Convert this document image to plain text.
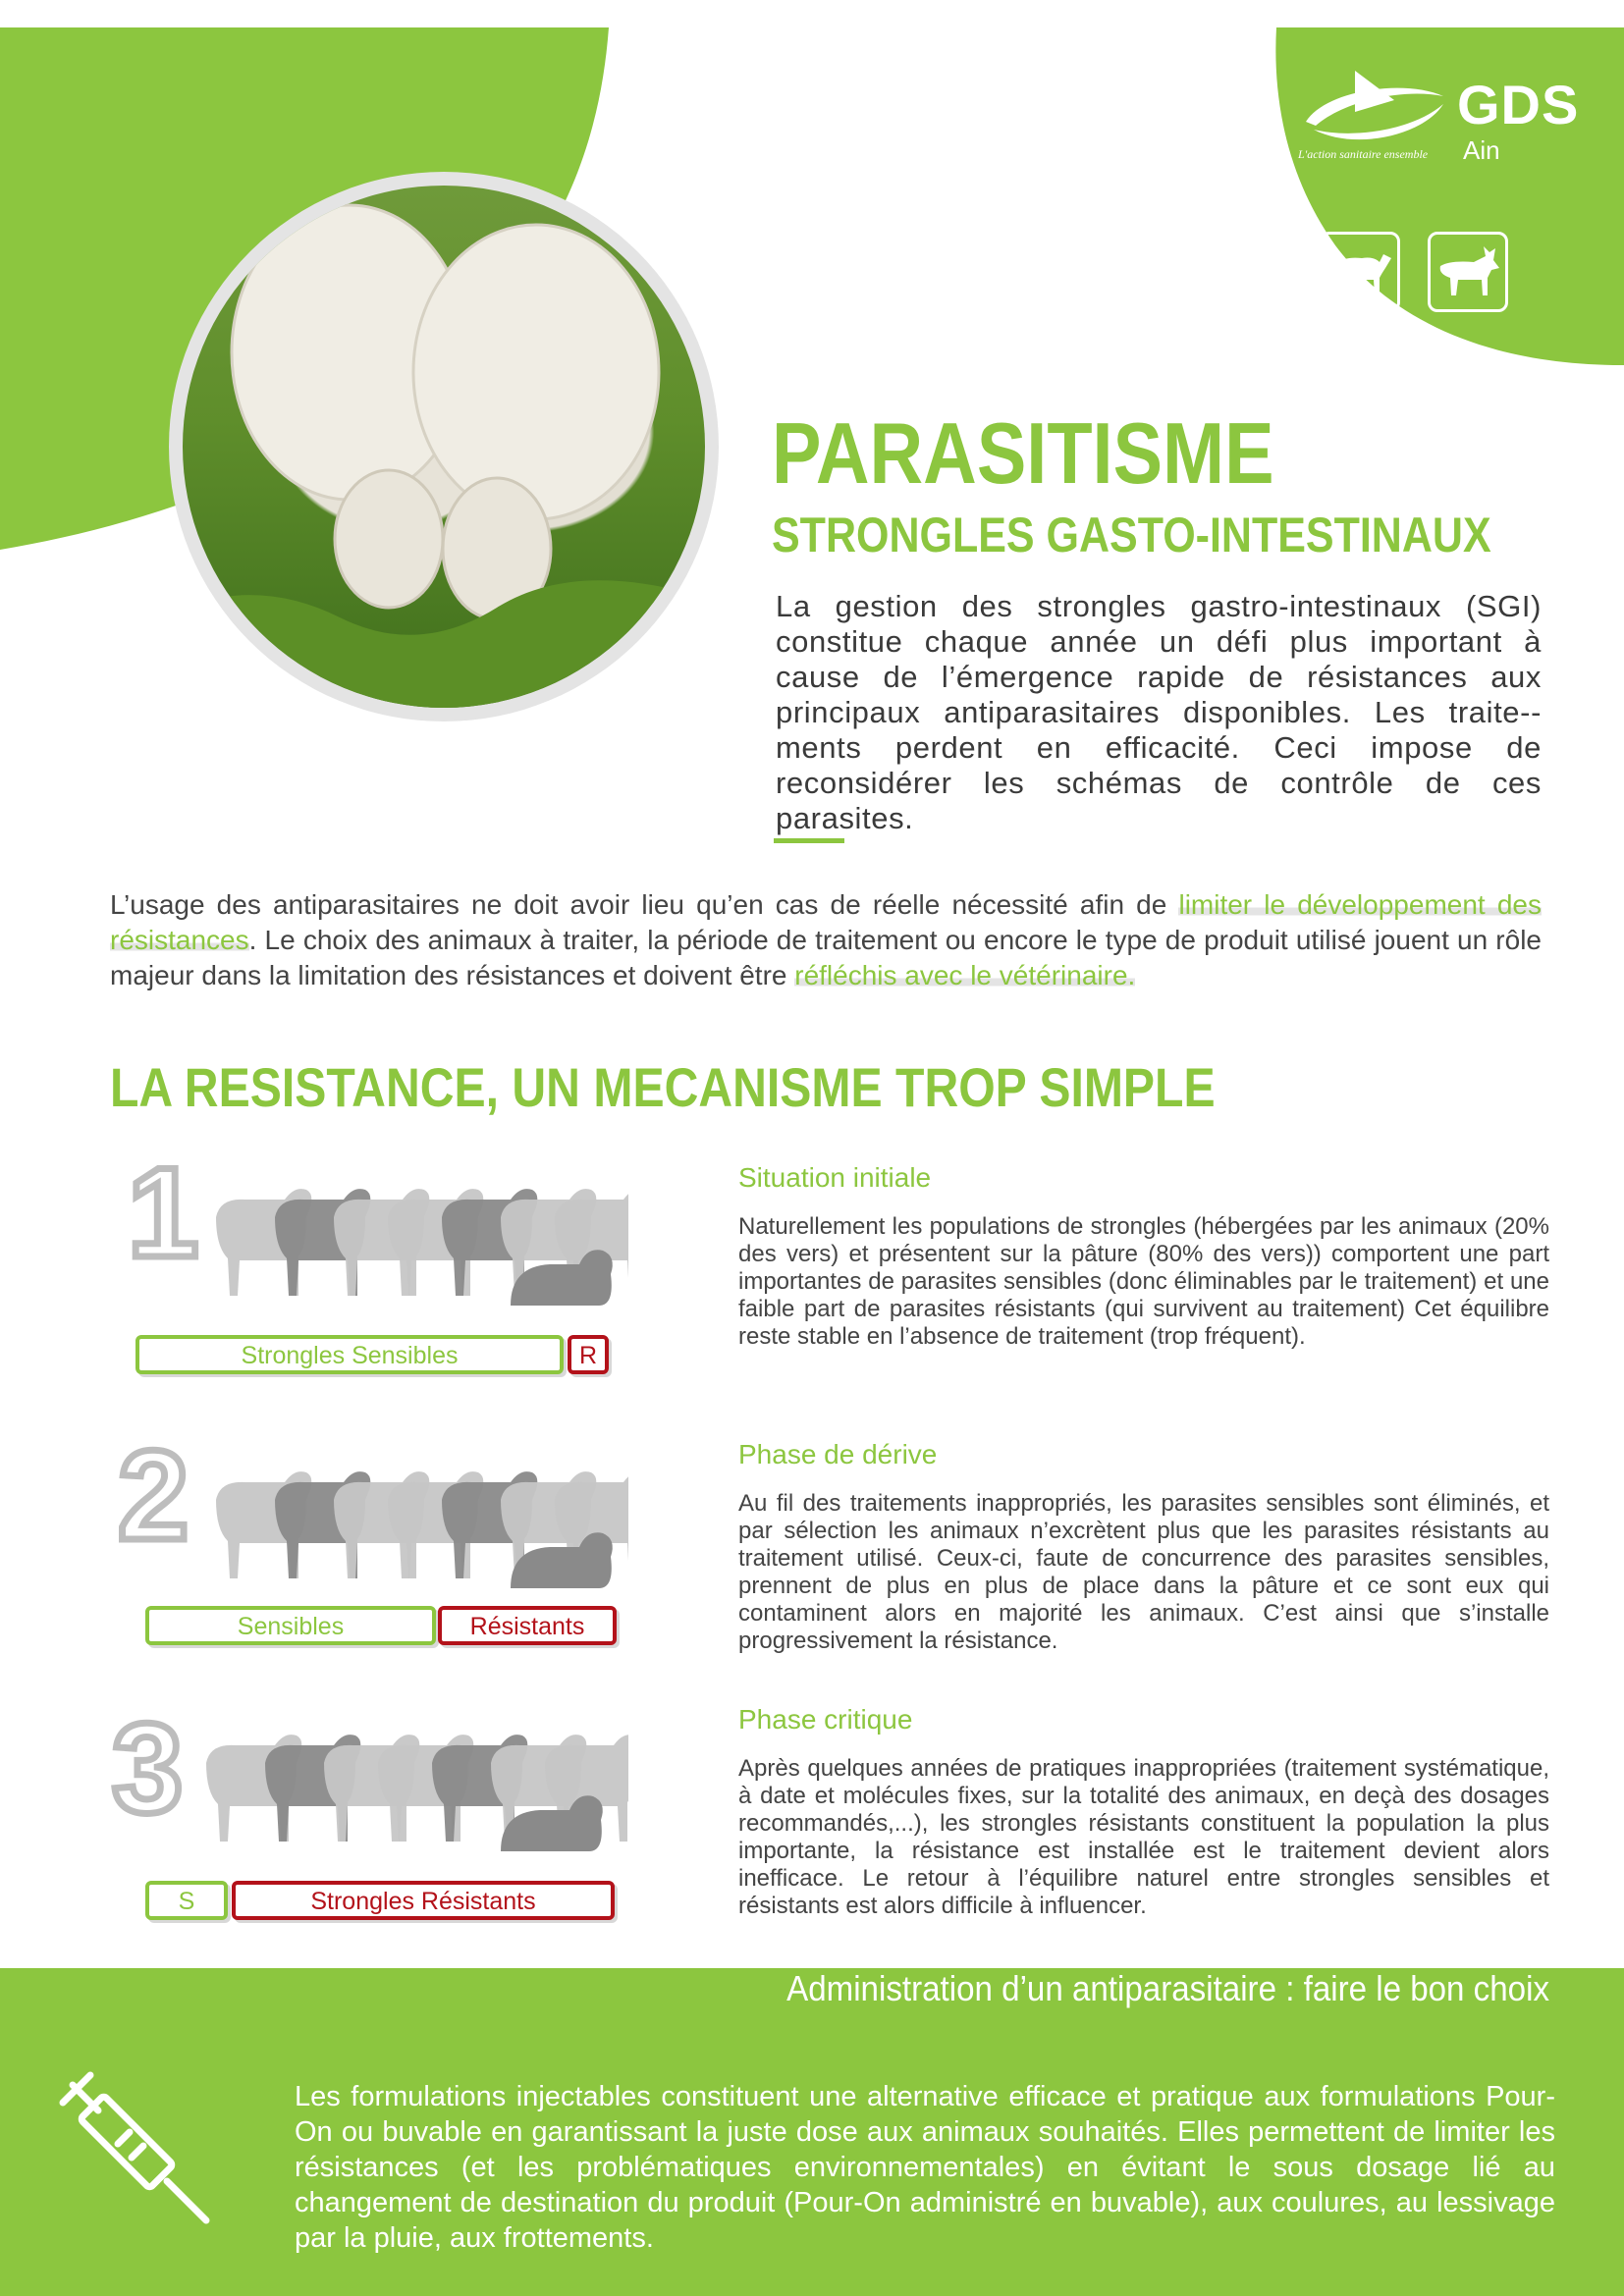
GDS
Ain
L'action sanitaire ensemble
PARASITISME
STRONGLES GASTO-INTESTINAUX
La gestion des strongles gastro-intestinaux (SGI) constitue chaque année un défi plus important à cause de l’émergence rapide de résistances aux principaux antiparasitaires disponibles. Les traite--ments perdent en efficacité. Ceci impose de reconsidérer les schémas de contrôle de ces parasites.
L’usage des antiparasitaires ne doit avoir lieu qu’en cas de réelle nécessité afin de limiter le développement des résistances. Le choix des animaux à traiter, la période de traitement ou encore le type de produit utilisé jouent un rôle majeur dans la limitation des résistances et doivent être réfléchis avec le vétérinaire.
LA RESISTANCE, UN MECANISME TROP SIMPLE
1
Strongles Sensibles	R
Situation initiale
Naturellement les populations de strongles (hébergées par les animaux (20% des vers) et présentent sur la pâture (80% des vers)) comportent une part importantes de parasites sensibles (donc éliminables par le traitement) et une faible part de parasites résistants (qui survivent au traitement) Cet équilibre reste stable en l’absence de traitement (trop fréquent).
2
Sensibles	Résistants
Phase de dérive
Au fil des traitements inappropriés, les parasites sensibles sont éliminés, et par sélection les animaux n’excrètent plus que les parasites résistants au traitement utilisé. Ceux-ci, faute de concurrence des parasites sensibles, prennent de plus en plus de place dans la pâture et ce sont eux qui contaminent alors en majorité les animaux. C’est ainsi que s’installe progressivement la résistance.
3
S	Strongles Résistants
Phase critique
Après quelques années de pratiques inappropriées (traitement systématique, à date et molécules fixes, sur la totalité des animaux, en deçà des dosages recommandés,...), les strongles résistants constituent la population la plus importante, la résistance est installée est le traitement devient alors inefficace. Le retour à l’équilibre naturel entre strongles sensibles et résistants est alors difficile à influencer.
Administration d’un antiparasitaire : faire le bon choix
Les formulations injectables constituent une alternative efficace et pratique aux formulations Pour-On ou buvable en garantissant la juste dose aux animaux souhaités. Elles permettent de limiter les résistances (et les problématiques environnementales) en évitant le sous dosage lié au changement de destination du produit (Pour-On administré en buvable), aux coulures, au lessivage par la pluie, aux frottements.
